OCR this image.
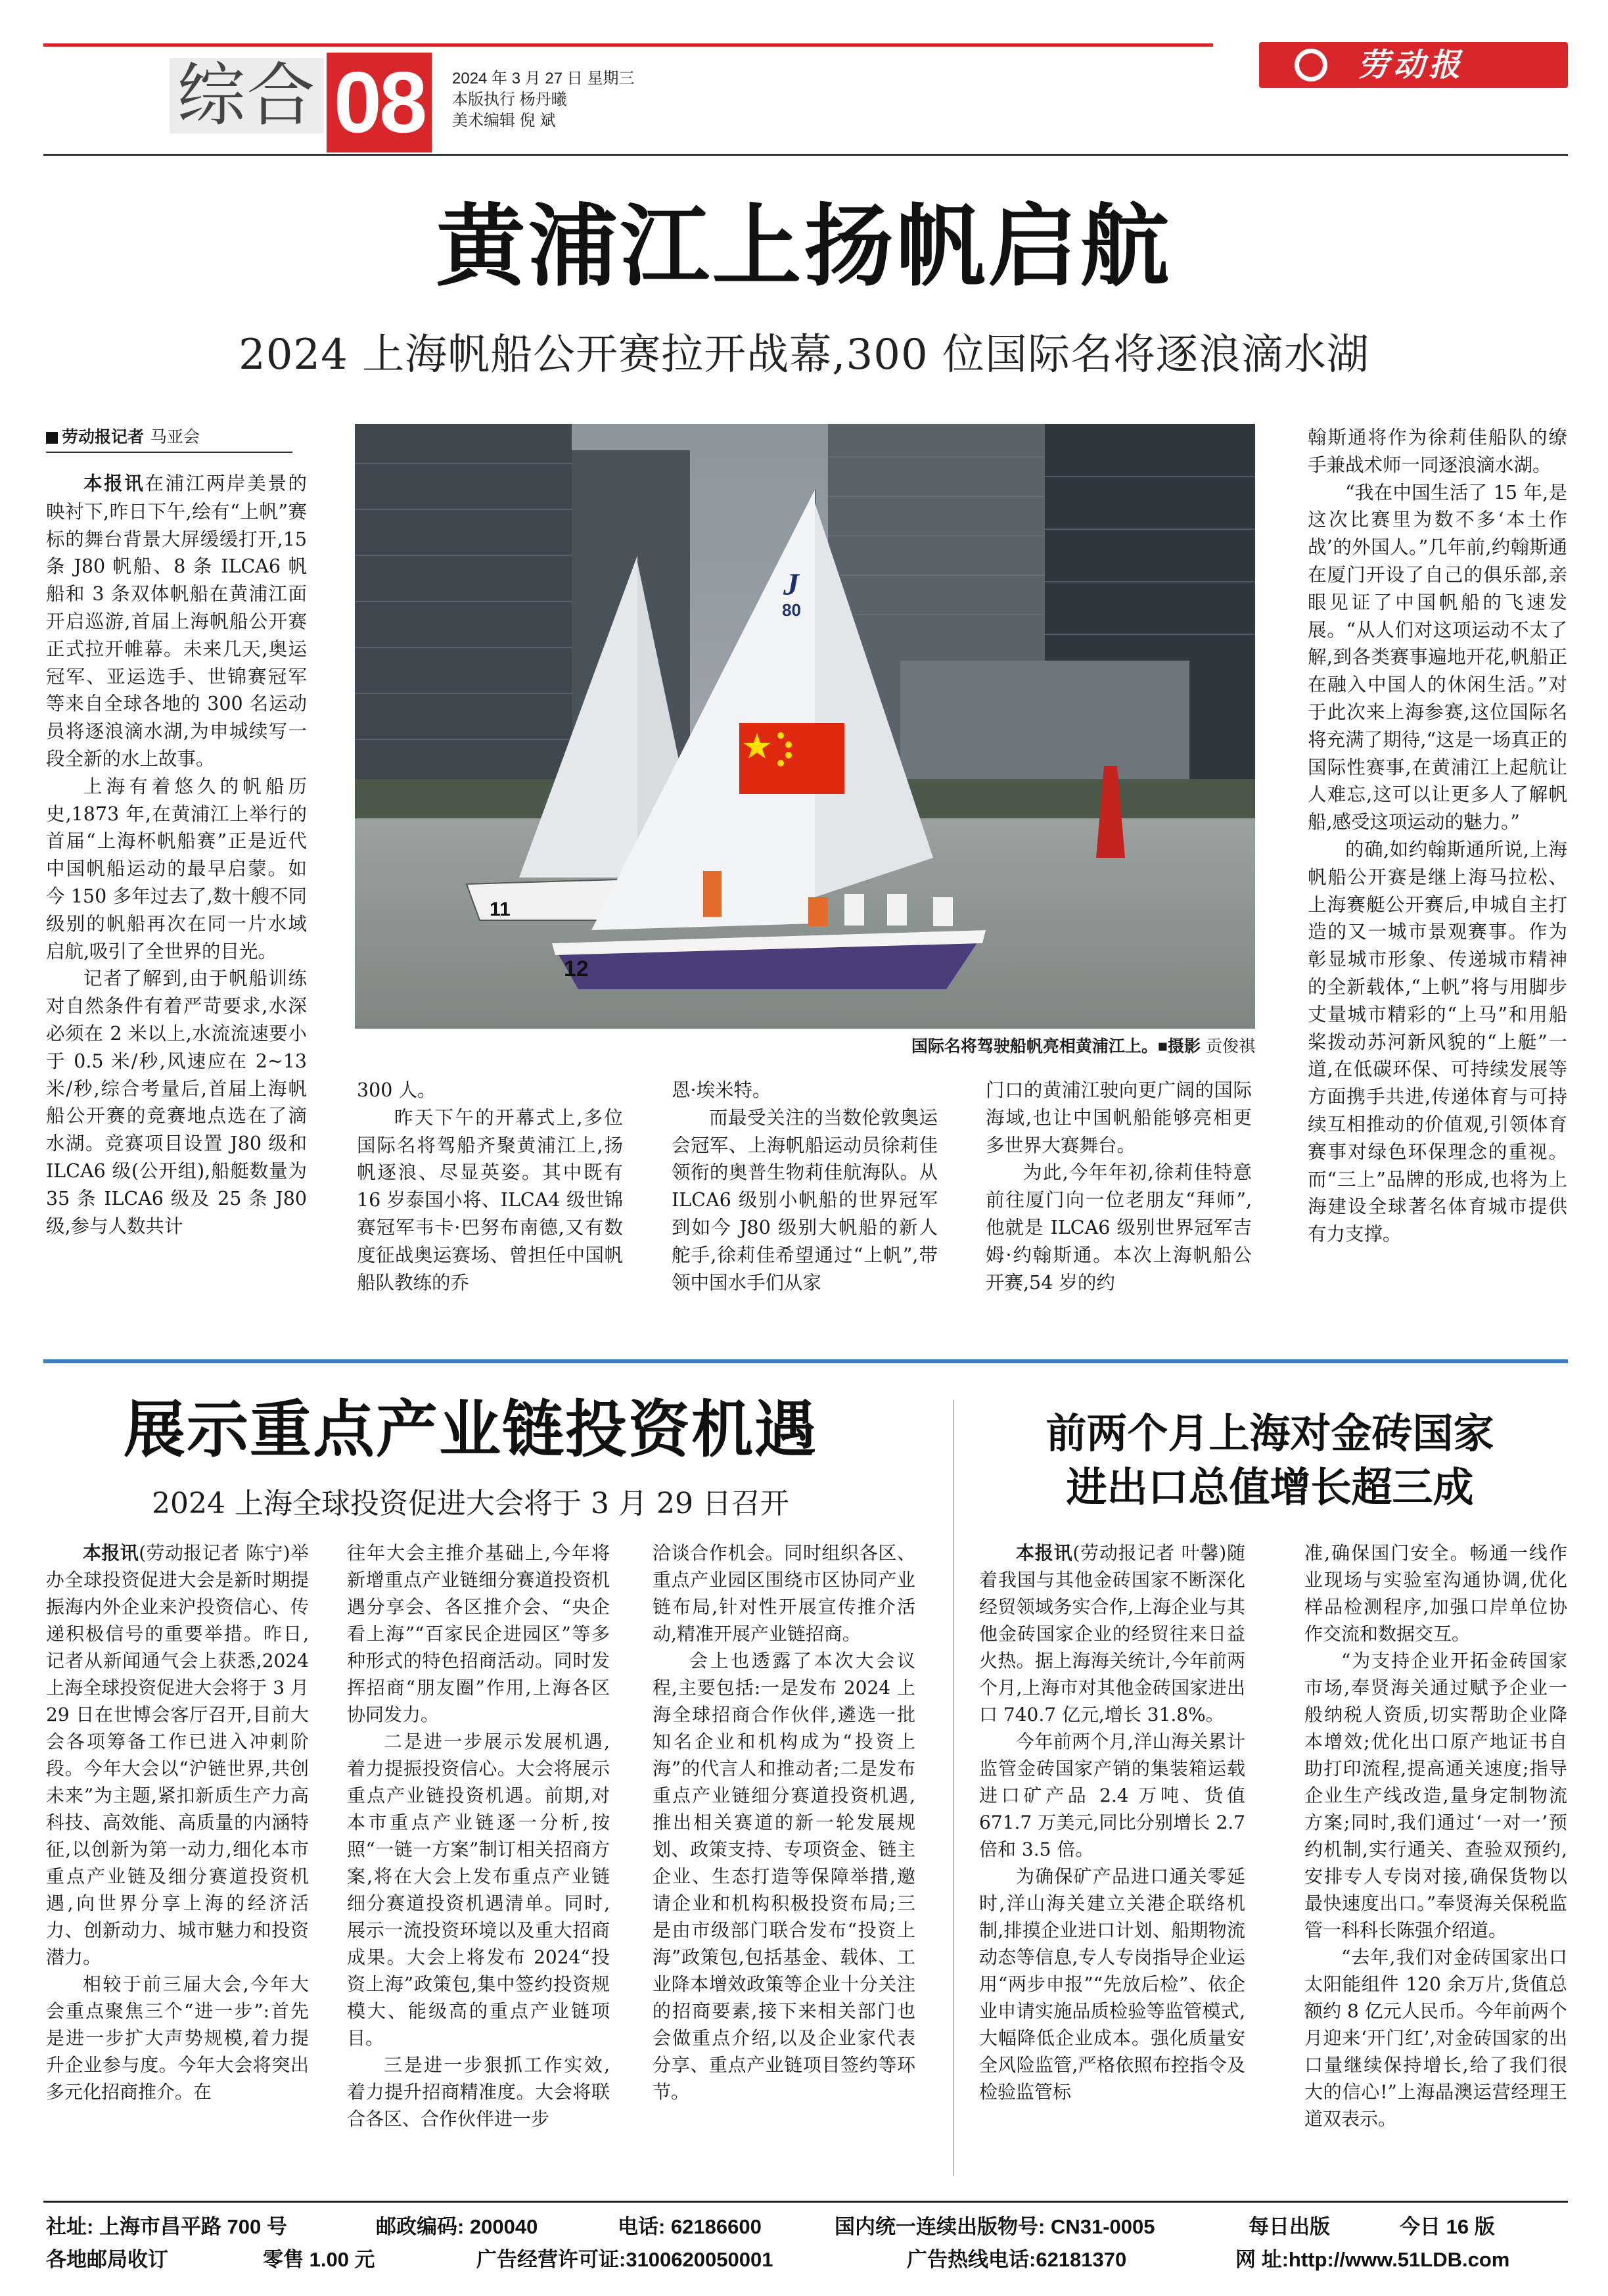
综合 08	2024 年 3 月 27 日 星期三
本版执行 杨丹曦
美术编辑 倪 斌
劳动报
黄浦江上扬帆启航
2024 上海帆船公开赛拉开战幕,300 位国际名将逐浪滴水湖
劳动报记者 马亚会

本报讯在浦江两岸美景的映衬下,昨日下午,绘有“上帆”赛标的舞台背景大屏缓缓打开,15 条 J80 帆船、8 条 ILCA6 帆船和 3 条双体帆船在黄浦江面开启巡游,首届上海帆船公开赛正式拉开帷幕。未来几天,奥运冠军、亚运选手、世锦赛冠军等来自全球各地的 300 名运动员将逐浪滴水湖,为申城续写一段全新的水上故事。

上海有着悠久的帆船历史,1873 年,在黄浦江上举行的首届“上海杯帆船赛”正是近代中国帆船运动的最早启蒙。如今 150 多年过去了,数十艘不同级别的帆船再次在同一片水域启航,吸引了全世界的目光。

记者了解到,由于帆船训练对自然条件有着严苛要求,水深必须在 2 米以上,水流流速要小于 0.5 米/秒,风速应在 2~13 米/秒,综合考量后,首届上海帆船公开赛的竞赛地点选在了滴水湖。竞赛项目设置 J80 级和 ILCA6 级(公开组),船艇数量为 35 条 ILCA6 级及 25 条 J80 级,参与人数共计

11
J
80
12
国际名将驾驶船帆亮相黄浦江上。■摄影 贡俊祺

300 人。

昨天下午的开幕式上,多位国际名将驾船齐聚黄浦江上,扬帆逐浪、尽显英姿。其中既有 16 岁泰国小将、ILCA4 级世锦赛冠军韦卡·巴努布南德,又有数度征战奥运赛场、曾担任中国帆船队教练的乔

恩·埃米特。

而最受关注的当数伦敦奥运会冠军、上海帆船运动员徐莉佳领衔的奥普生物莉佳航海队。从 ILCA6 级别小帆船的世界冠军到如今 J80 级别大帆船的新人舵手,徐莉佳希望通过“上帆”,带领中国水手们从家

门口的黄浦江驶向更广阔的国际海域,也让中国帆船能够亮相更多世界大赛舞台。

为此,今年年初,徐莉佳特意前往厦门向一位老朋友“拜师”,他就是 ILCA6 级别世界冠军吉姆·约翰斯通。本次上海帆船公开赛,54 岁的约

翰斯通将作为徐莉佳船队的缭手兼战术师一同逐浪滴水湖。

“我在中国生活了 15 年,是这次比赛里为数不多‘本土作战’的外国人。”几年前,约翰斯通在厦门开设了自己的俱乐部,亲眼见证了中国帆船的飞速发展。“从人们对这项运动不太了解,到各类赛事遍地开花,帆船正在融入中国人的休闲生活。”对于此次来上海参赛,这位国际名将充满了期待,“这是一场真正的国际性赛事,在黄浦江上起航让人难忘,这可以让更多人了解帆船,感受这项运动的魅力。”

的确,如约翰斯通所说,上海帆船公开赛是继上海马拉松、上海赛艇公开赛后,申城自主打造的又一城市景观赛事。作为彰显城市形象、传递城市精神的全新载体,“上帆”将与用脚步丈量城市精彩的“上马”和用船桨拨动苏河新风貌的“上艇”一道,在低碳环保、可持续发展等方面携手共进,传递体育与可持续互相推动的价值观,引领体育赛事对绿色环保理念的重视。而“三上”品牌的形成,也将为上海建设全球著名体育城市提供有力支撑。

展示重点产业链投资机遇
2024 上海全球投资促进大会将于 3 月 29 日召开

本报讯(劳动报记者 陈宁)举办全球投资促进大会是新时期提振海内外企业来沪投资信心、传递积极信号的重要举措。昨日,记者从新闻通气会上获悉,2024 上海全球投资促进大会将于 3 月 29 日在世博会客厅召开,目前大会各项筹备工作已进入冲刺阶段。今年大会以“沪链世界,共创未来”为主题,紧扣新质生产力高科技、高效能、高质量的内涵特征,以创新为第一动力,细化本市重点产业链及细分赛道投资机遇,向世界分享上海的经济活力、创新动力、城市魅力和投资潜力。

相较于前三届大会,今年大会重点聚焦三个“进一步”:首先是进一步扩大声势规模,着力提升企业参与度。今年大会将突出多元化招商推介。在

往年大会主推介基础上,今年将新增重点产业链细分赛道投资机遇分享会、各区推介会、“央企看上海”“百家民企进园区”等多种形式的特色招商活动。同时发挥招商“朋友圈”作用,上海各区协同发力。

二是进一步展示发展机遇,着力提振投资信心。大会将展示重点产业链投资机遇。前期,对本市重点产业链逐一分析,按照“一链一方案”制订相关招商方案,将在大会上发布重点产业链细分赛道投资机遇清单。同时,展示一流投资环境以及重大招商成果。大会上将发布 2024“投资上海”政策包,集中签约投资规模大、能级高的重点产业链项目。

三是进一步狠抓工作实效,着力提升招商精准度。大会将联合各区、合作伙伴进一步

洽谈合作机会。同时组织各区、重点产业园区围绕市区协同产业链布局,针对性开展宣传推介活动,精准开展产业链招商。

会上也透露了本次大会议程,主要包括:一是发布 2024 上海全球招商合作伙伴,遴选一批知名企业和机构成为“投资上海”的代言人和推动者;二是发布重点产业链细分赛道投资机遇,推出相关赛道的新一轮发展规划、政策支持、专项资金、链主企业、生态打造等保障举措,邀请企业和机构积极投资布局;三是由市级部门联合发布“投资上海”政策包,包括基金、载体、工业降本增效政策等企业十分关注的招商要素,接下来相关部门也会做重点介绍,以及企业家代表分享、重点产业链项目签约等环节。

前两个月上海对金砖国家
进出口总值增长超三成

本报讯(劳动报记者 叶馨)随着我国与其他金砖国家不断深化经贸领域务实合作,上海企业与其他金砖国家企业的经贸往来日益火热。据上海海关统计,今年前两个月,上海市对其他金砖国家进出口 740.7 亿元,增长 31.8%。

今年前两个月,洋山海关累计监管金砖国家产销的集装箱运载进口矿产品 2.4 万吨、货值 671.7 万美元,同比分别增长 2.7 倍和 3.5 倍。

为确保矿产品进口通关零延时,洋山海关建立关港企联络机制,排摸企业进口计划、船期物流动态等信息,专人专岗指导企业运用“两步申报”“先放后检”、依企业申请实施品质检验等监管模式,大幅降低企业成本。强化质量安全风险监管,严格依照布控指令及检验监管标

准,确保国门安全。畅通一线作业现场与实验室沟通协调,优化样品检测程序,加强口岸单位协作交流和数据交互。

“为支持企业开拓金砖国家市场,奉贤海关通过赋予企业一般纳税人资质,切实帮助企业降本增效;优化出口原产地证书自助打印流程,提高通关速度;指导企业生产线改造,量身定制物流方案;同时,我们通过‘一对一’预约机制,实行通关、查验双预约,安排专人专岗对接,确保货物以最快速度出口。”奉贤海关保税监管一科科长陈强介绍道。

“去年,我们对金砖国家出口太阳能组件 120 余万片,货值总额约 8 亿元人民币。今年前两个月迎来‘开门红’,对金砖国家的出口量继续保持增长,给了我们很大的信心!”上海晶澳运营经理王道双表示。

社址: 上海市昌平路 700 号	邮政编码: 200040	电话: 62186600	国内统一连续出版物号: CN31-0005	每日出版	今日 16 版
各地邮局收订	零售 1.00 元	广告经营许可证:3100620050001	广告热线电话:62181370	网 址:http://www.51LDB.com
